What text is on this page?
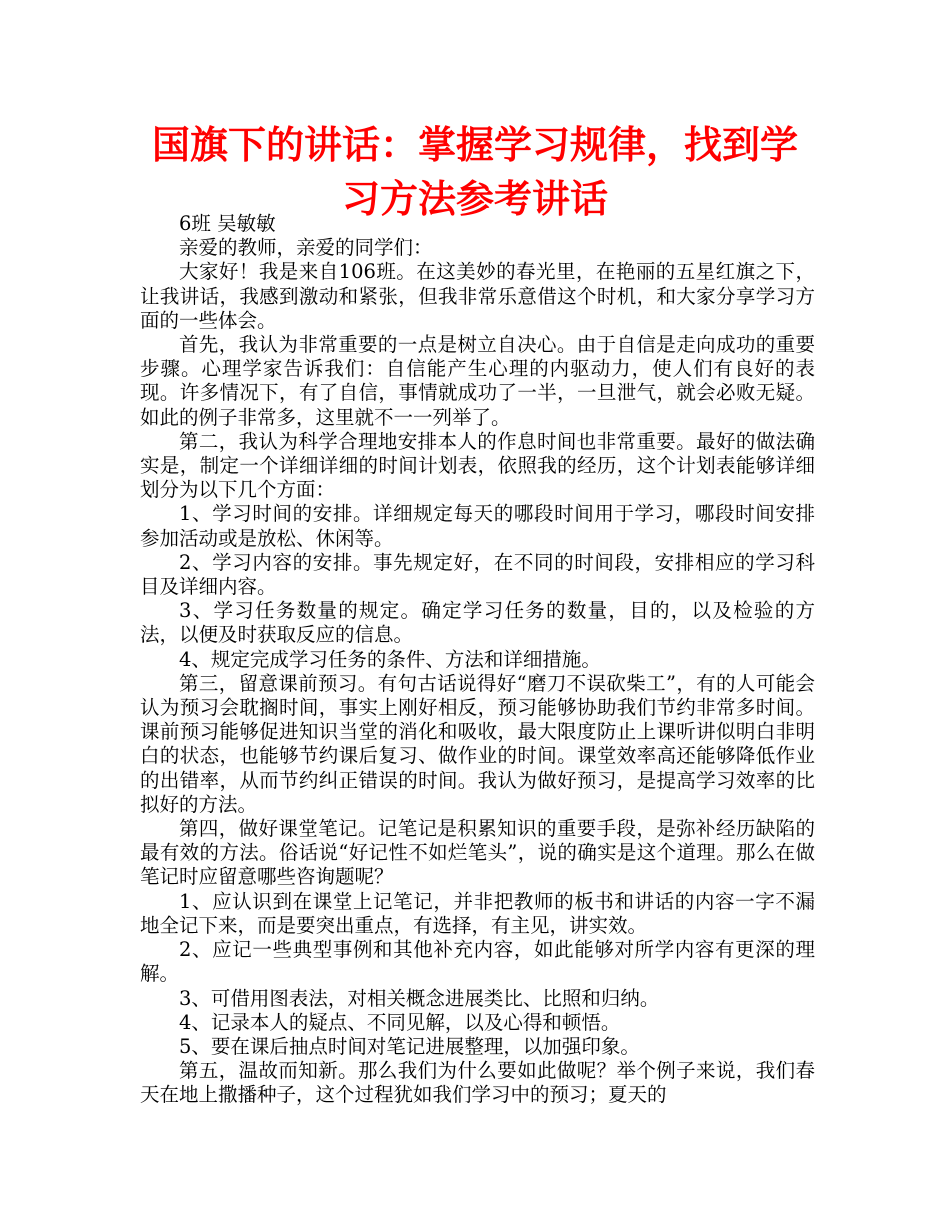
国旗下的讲话：掌握学习规律，找到学习方法参考讲话

6班 吴敏敏

亲爱的教师，亲爱的同学们：

大家好！我是来自106班。在这美妙的春光里，在艳丽的五星红旗之下，让我讲话，我感到激动和紧张，但我非常乐意借这个时机，和大家分享学习方面的一些体会。

首先，我认为非常重要的一点是树立自决心。由于自信是走向成功的重要步骤。心理学家告诉我们：自信能产生心理的内驱动力，使人们有良好的表现。许多情况下，有了自信，事情就成功了一半，一旦泄气，就会必败无疑。如此的例子非常多，这里就不一一列举了。

第二，我认为科学合理地安排本人的作息时间也非常重要。最好的做法确实是，制定一个详细详细的时间计划表，依照我的经历，这个计划表能够详细划分为以下几个方面：

1、学习时间的安排。详细规定每天的哪段时间用于学习，哪段时间安排参加活动或是放松、休闲等。

2、学习内容的安排。事先规定好，在不同的时间段，安排相应的学习科目及详细内容。

3、学习任务数量的规定。确定学习任务的数量，目的，以及检验的方法，以便及时获取反应的信息。

4、规定完成学习任务的条件、方法和详细措施。

第三，留意课前预习。有句古话说得好“磨刀不误砍柴工”，有的人可能会认为预习会耽搁时间，事实上刚好相反，预习能够协助我们节约非常多时间。课前预习能够促进知识当堂的消化和吸收，最大限度防止上课听讲似明白非明白的状态，也能够节约课后复习、做作业的时间。课堂效率高还能够降低作业的出错率，从而节约纠正错误的时间。我认为做好预习，是提高学习效率的比拟好的方法。

第四，做好课堂笔记。记笔记是积累知识的重要手段，是弥补经历缺陷的最有效的方法。俗话说“好记性不如烂笔头”，说的确实是这个道理。那么在做笔记时应留意哪些咨询题呢？

1、应认识到在课堂上记笔记，并非把教师的板书和讲话的内容一字不漏地全记下来，而是要突出重点，有选择，有主见，讲实效。

2、应记一些典型事例和其他补充内容，如此能够对所学内容有更深的理解。

3、可借用图表法，对相关概念进展类比、比照和归纳。

4、记录本人的疑点、不同见解，以及心得和顿悟。

5、要在课后抽点时间对笔记进展整理，以加强印象。

第五，温故而知新。那么我们为什么要如此做呢？举个例子来说，我们春天在地上撒播种子，这个过程犹如我们学习中的预习；夏天的
